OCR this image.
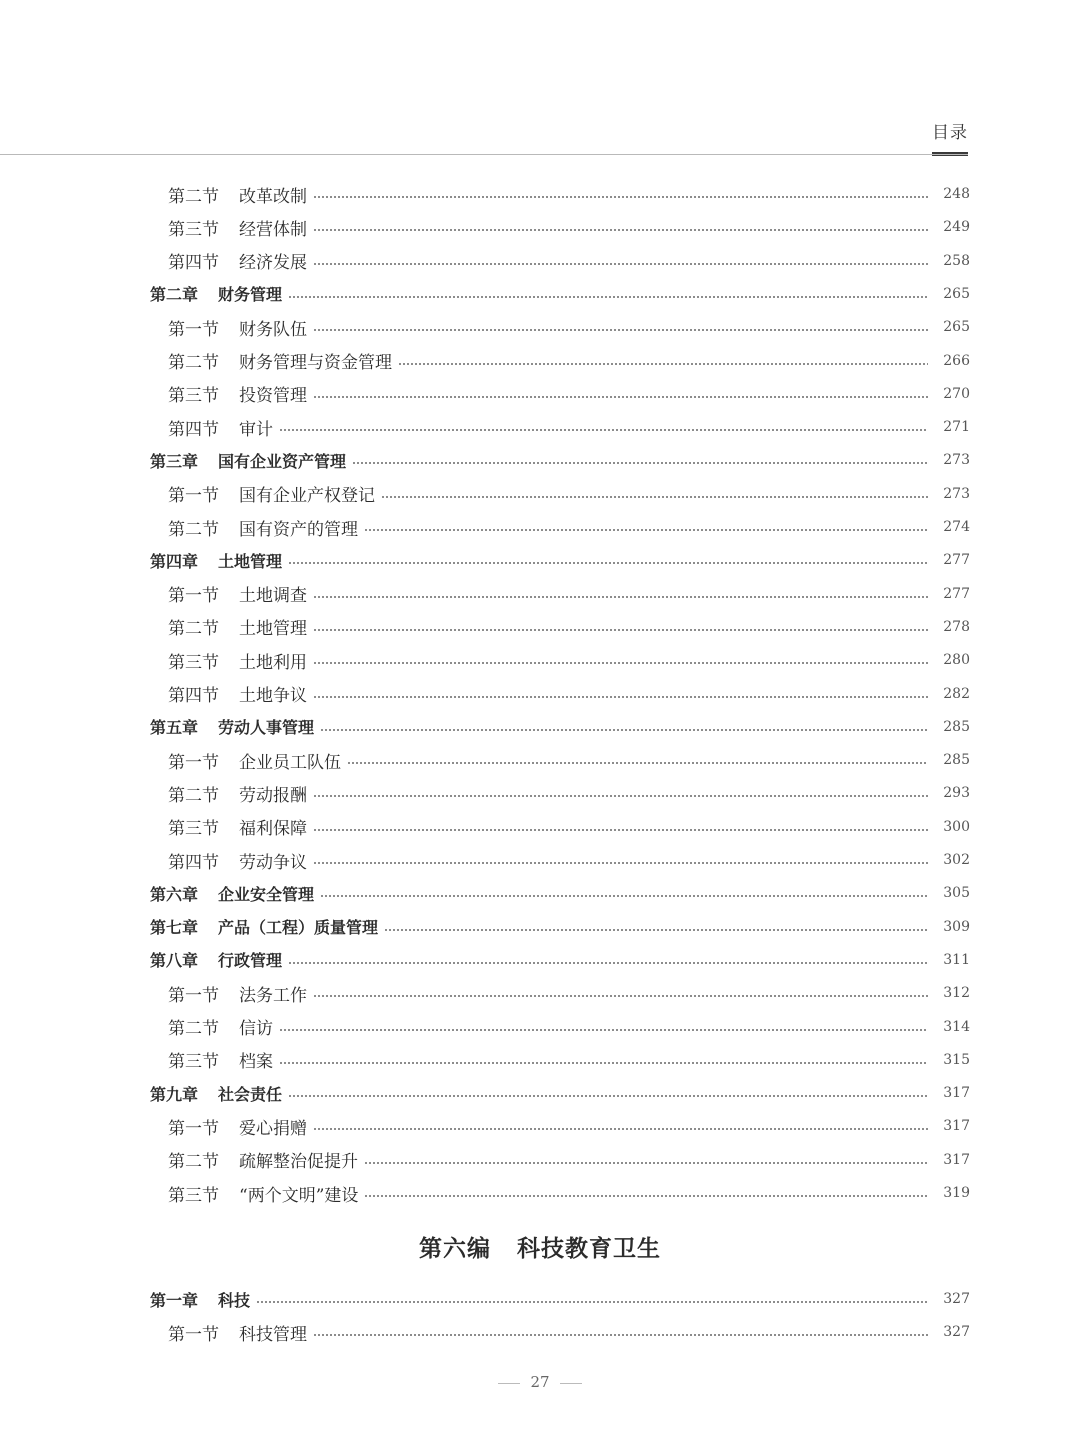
目录
第二节 改革改制	248
第三节 经营体制	249
第四节 经济发展	258
第二章 财务管理	265
第一节 财务队伍	265
第二节 财务管理与资金管理	266
第三节 投资管理	270
第四节 审计	271
第三章 国有企业资产管理	273
第一节 国有企业产权登记	273
第二节 国有资产的管理	274
第四章 土地管理	277
第一节 土地调查	277
第二节 土地管理	278
第三节 土地利用	280
第四节 土地争议	282
第五章 劳动人事管理	285
第一节 企业员工队伍	285
第二节 劳动报酬	293
第三节 福利保障	300
第四节 劳动争议	302
第六章 企业安全管理	305
第七章 产品（工程）质量管理	309
第八章 行政管理	311
第一节 法务工作	312
第二节 信访	314
第三节 档案	315
第九章 社会责任	317
第一节 爱心捐赠	317
第二节 疏解整治促提升	317
第三节 “两个文明”建设	319
第六编 科技教育卫生
第一章 科技	327
第一节 科技管理	327
27
